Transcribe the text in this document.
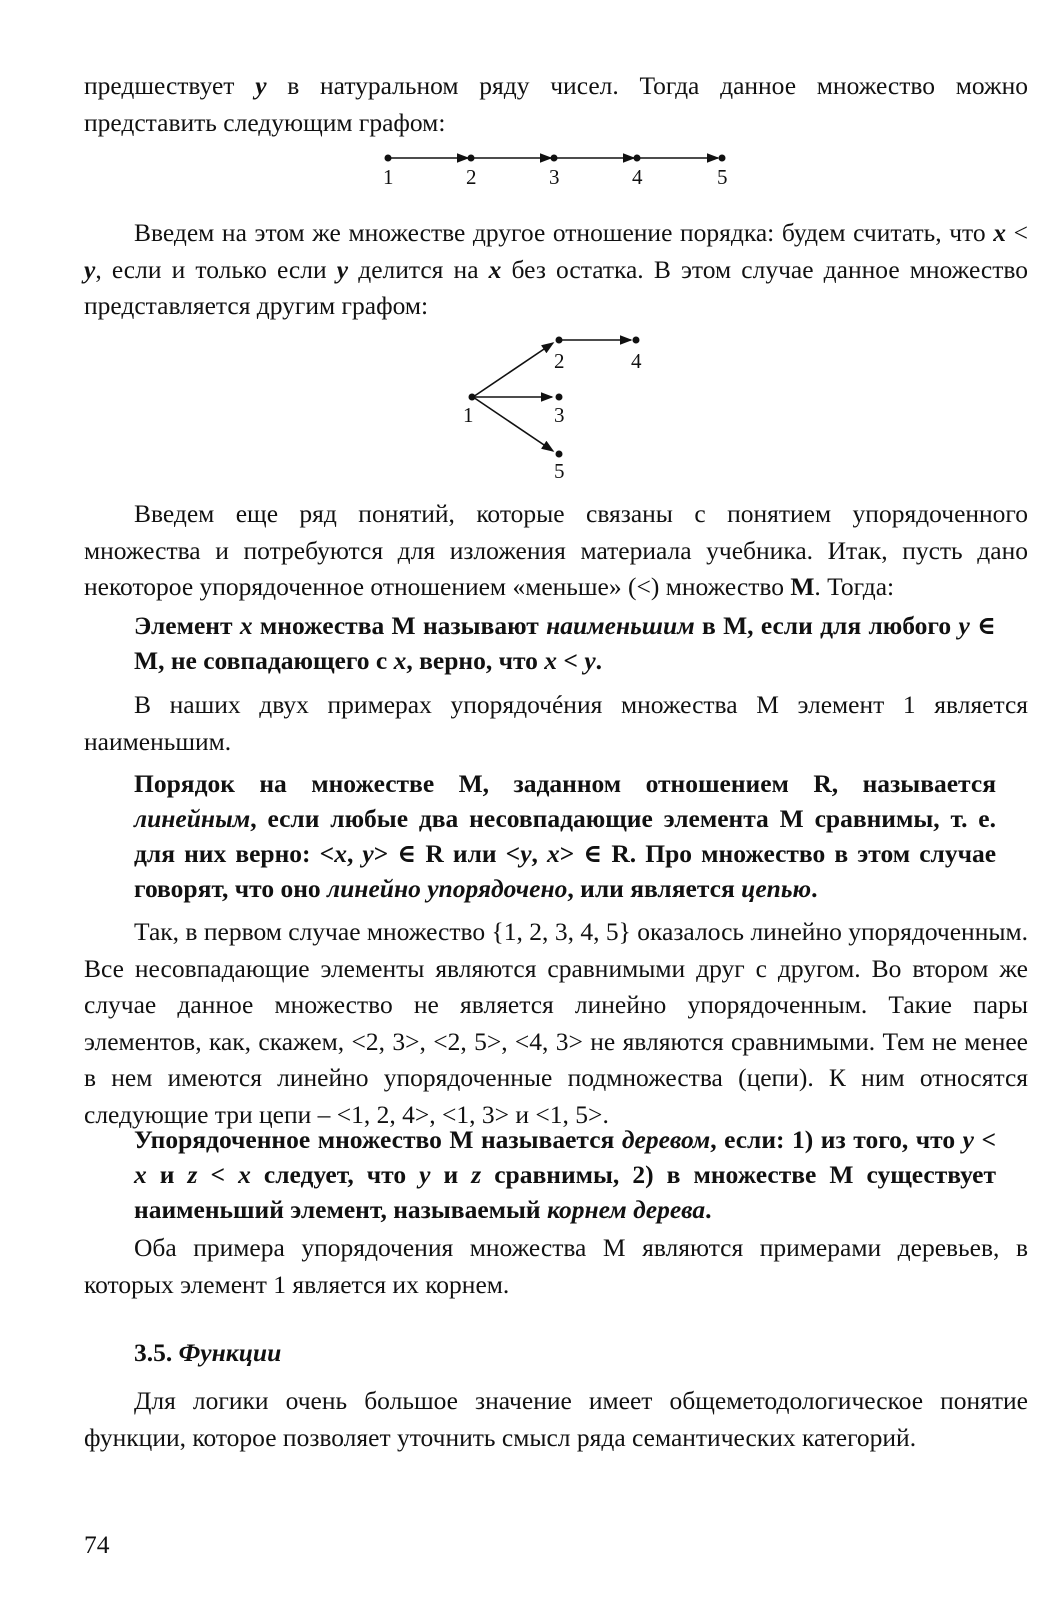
предшествует y в натуральном ряду чисел. Тогда данное множество можно представить следующим графом:

1	2	3	4	5

Введем на этом же множестве другое отношение порядка: будем считать, что x < y, если и только если y делится на x без остатка. В этом случае данное множество представляется другим графом:

1
2
3
4
5

Введем еще ряд понятий, которые связаны с понятием упорядоченного множества и потребуются для изложения материала учебника. Итак, пусть дано некоторое упорядоченное отношением «меньше» (<) множество М. Тогда:

Элемент x множества М называют наименьшим в М, если для любого y ∈ М, не совпадающего с x, верно, что x < y.

В наших двух примерах упорядочéния множества М элемент 1 является наименьшим.

Порядок на множестве М, заданном отношением R, называется линейным, если любые два несовпадающие элемента М сравнимы, т. е. для них верно: <x, y> ∈ R или <y, x> ∈ R. Про множество в этом случае говорят, что оно линейно упорядочено, или является цепью.

Так, в первом случае множество {1, 2, 3, 4, 5} оказалось линейно упорядоченным. Все несовпадающие элементы являются сравнимыми друг с другом. Во втором же случае данное множество не является линейно упорядоченным. Такие пары элементов, как, скажем, <2, 3>, <2, 5>, <4, 3> не являются сравнимыми. Тем не менее в нем имеются линейно упорядоченные подмножества (цепи). К ним относятся следующие три цепи – <1, 2, 4>, <1, 3> и <1, 5>.

Упорядоченное множество М называется деревом, если: 1) из того, что y < x и z < x следует, что y и z сравнимы, 2) в множестве М существует наименьший элемент, называемый корнем дерева.

Оба примера упорядочения множества М являются примерами деревьев, в которых элемент 1 является их корнем.

3.5. Функции

Для логики очень большое значение имеет общеметодологическое понятие функции, которое позволяет уточнить смысл ряда семантических категорий.

74
